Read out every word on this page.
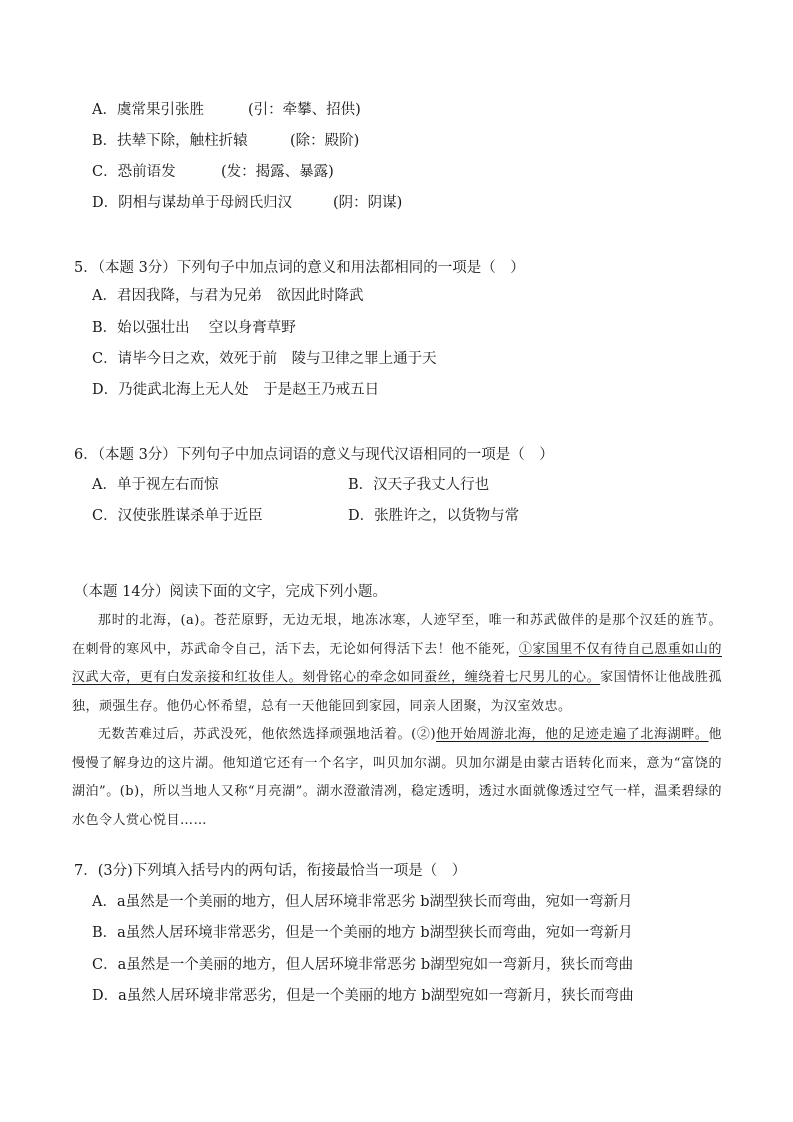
A．虞常果引张胜	(引：牵攀、招供)
B．扶辇下除，触柱折辕	(除：殿阶)
C．恐前语发	(发：揭露、暴露)
D．阴相与谋劫单于母阏氏归汉	(阴：阴谋)
5．（本题 3分）下列句子中加点词的意义和用法都相同的一项是（　）
A．君因我降，与君为兄弟　欲因此时降武
B．始以强壮出　 空以身膏草野
C．请毕今日之欢，效死于前　陵与卫律之罪上通于天
D．乃徙武北海上无人处　于是赵王乃戒五日
6．（本题 3分）下列句子中加点词语的意义与现代汉语相同的一项是（　）
A．单于视左右而惊	B．汉天子我丈人行也
C．汉使张胜谋杀单于近臣	D．张胜许之，以货物与常
（本题 14分）阅读下面的文字，完成下列小题。

那时的北海，(a)。苍茫原野，无边无垠，地冻冰寒，人迹罕至，唯一和苏武做伴的是那个汉廷的旌节。在刺骨的寒风中，苏武命令自己，活下去，无论如何得活下去！他不能死，①家国里不仅有待自己恩重如山的汉武大帝，更有白发亲接和红妆佳人。刻骨铭心的牵念如同蚕丝，缠绕着七尺男儿的心。家国情怀让他战胜孤独，顽强生存。他仍心怀希望，总有一天他能回到家园，同亲人团聚，为汉室效忠。

无数苦难过后，苏武没死，他依然选择顽强地活着。(②)他开始周游北海，他的足迹走遍了北海湖畔。他慢慢了解身边的这片湖。他知道它还有一个名字，叫贝加尔湖。贝加尔湖是由蒙古语转化而来，意为“富饶的湖泊”。(b)，所以当地人又称“月亮湖”。湖水澄澈清冽，稳定透明，透过水面就像透过空气一样，温柔碧绿的水色令人赏心悦目……

7．(3分)下列填入括号内的两句话，衔接最恰当一项是（　）
A．a虽然是一个美丽的地方，但人居环境非常恶劣 b湖型狭长而弯曲，宛如一弯新月
B．a虽然人居环境非常恶劣，但是一个美丽的地方 b湖型狭长而弯曲，宛如一弯新月
C．a虽然是一个美丽的地方，但人居环境非常恶劣 b湖型宛如一弯新月，狭长而弯曲
D．a虽然人居环境非常恶劣，但是一个美丽的地方 b湖型宛如一弯新月，狭长而弯曲
